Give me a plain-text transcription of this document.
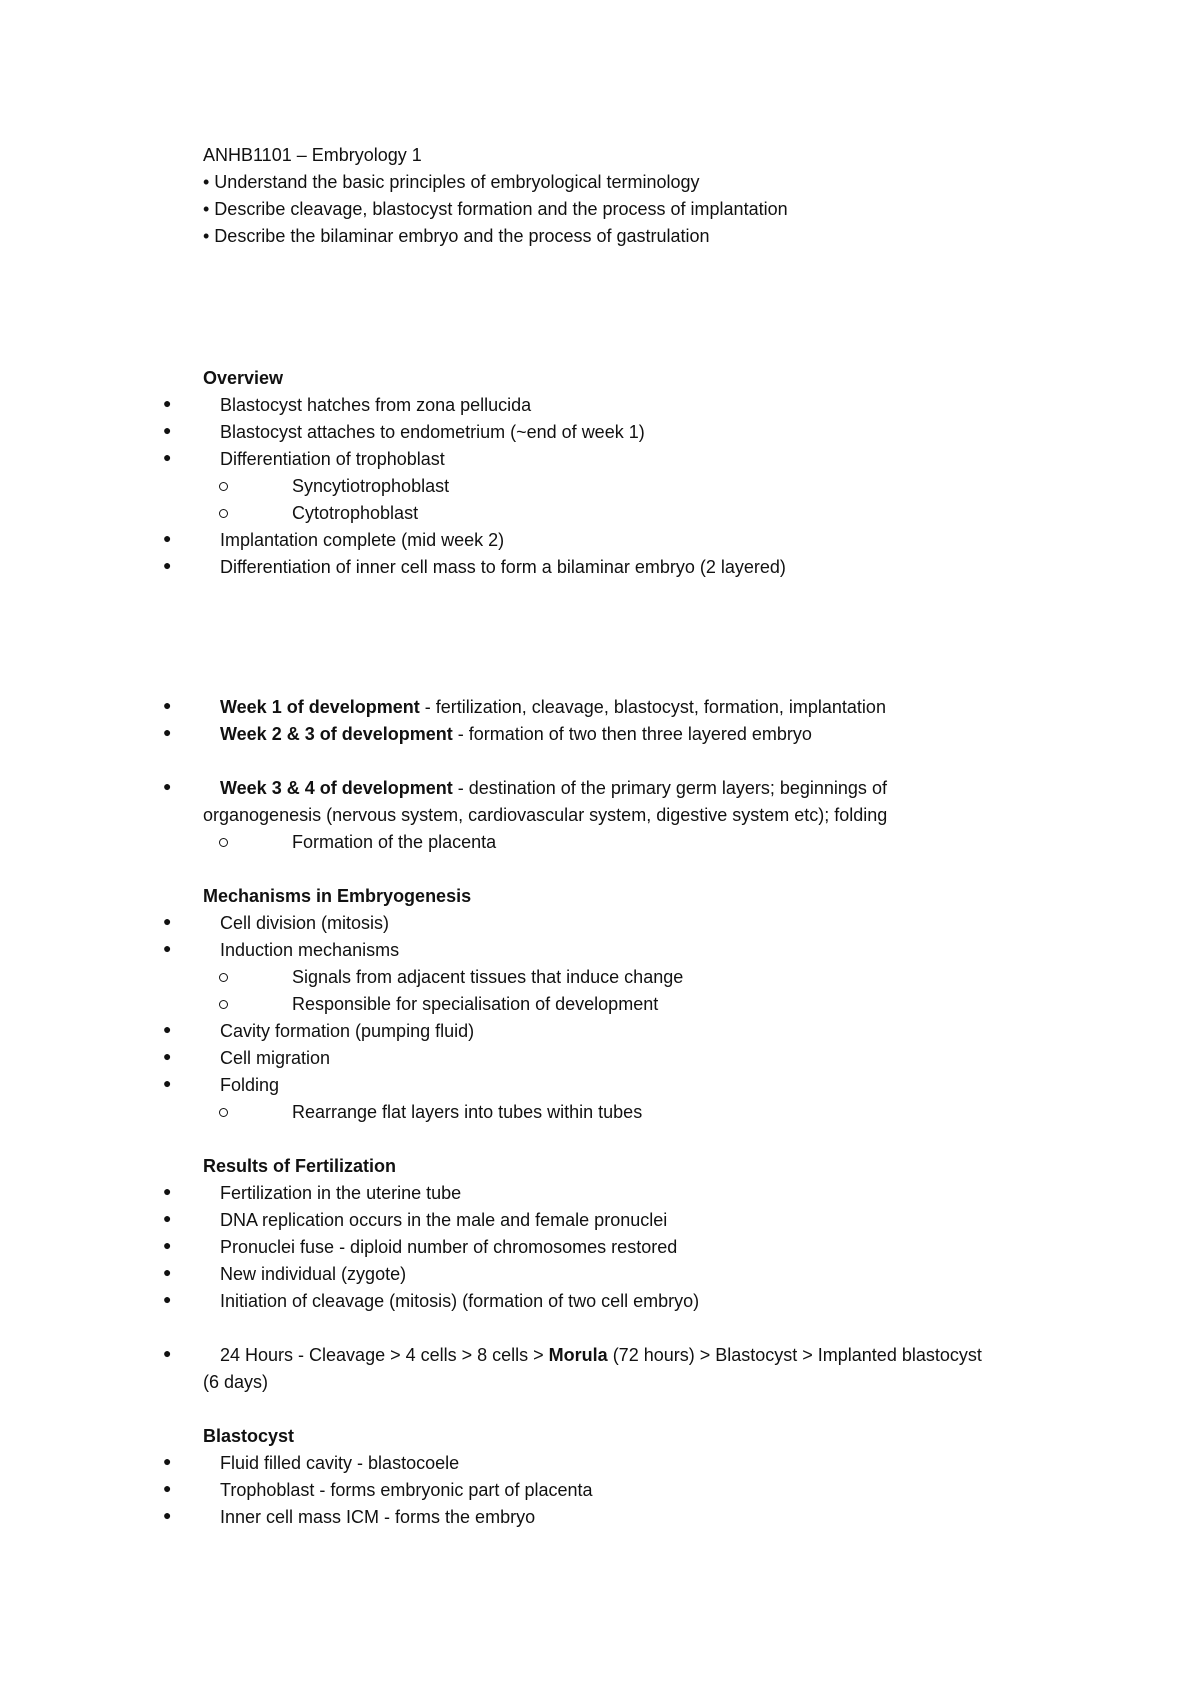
ANHB1101 – Embryology 1
• Understand the basic principles of embryological terminology
• Describe cleavage, blastocyst formation and the process of implantation
• Describe the bilaminar embryo and the process of gastrulation
Overview
●	Blastocyst hatches from zona pellucida
●	Blastocyst attaches to endometrium (~end of week 1)
●	Differentiation of trophoblast
Syncytiotrophoblast
Cytotrophoblast
●	Implantation complete (mid week 2)
●	Differentiation of inner cell mass to form a bilaminar embryo (2 layered)
●	Week 1 of development - fertilization, cleavage, blastocyst, formation, implantation
●	Week 2 & 3 of development - formation of two then three layered embryo
●	Week 3 & 4 of development - destination of the primary germ layers; beginnings of
organogenesis (nervous system, cardiovascular system, digestive system etc); folding
Formation of the placenta
Mechanisms in Embryogenesis
●	Cell division (mitosis)
●	Induction mechanisms
Signals from adjacent tissues that induce change
Responsible for specialisation of development
●	Cavity formation (pumping fluid)
●	Cell migration
●	Folding
Rearrange flat layers into tubes within tubes
Results of Fertilization
●	Fertilization in the uterine tube
●	DNA replication occurs in the male and female pronuclei
●	Pronuclei fuse - diploid number of chromosomes restored
●	New individual (zygote)
●	Initiation of cleavage (mitosis) (formation of two cell embryo)
●	24 Hours - Cleavage > 4 cells > 8 cells > Morula (72 hours) > Blastocyst > Implanted blastocyst
(6 days)
Blastocyst
●	Fluid filled cavity - blastocoele
●	Trophoblast - forms embryonic part of placenta
●	Inner cell mass ICM - forms the embryo
